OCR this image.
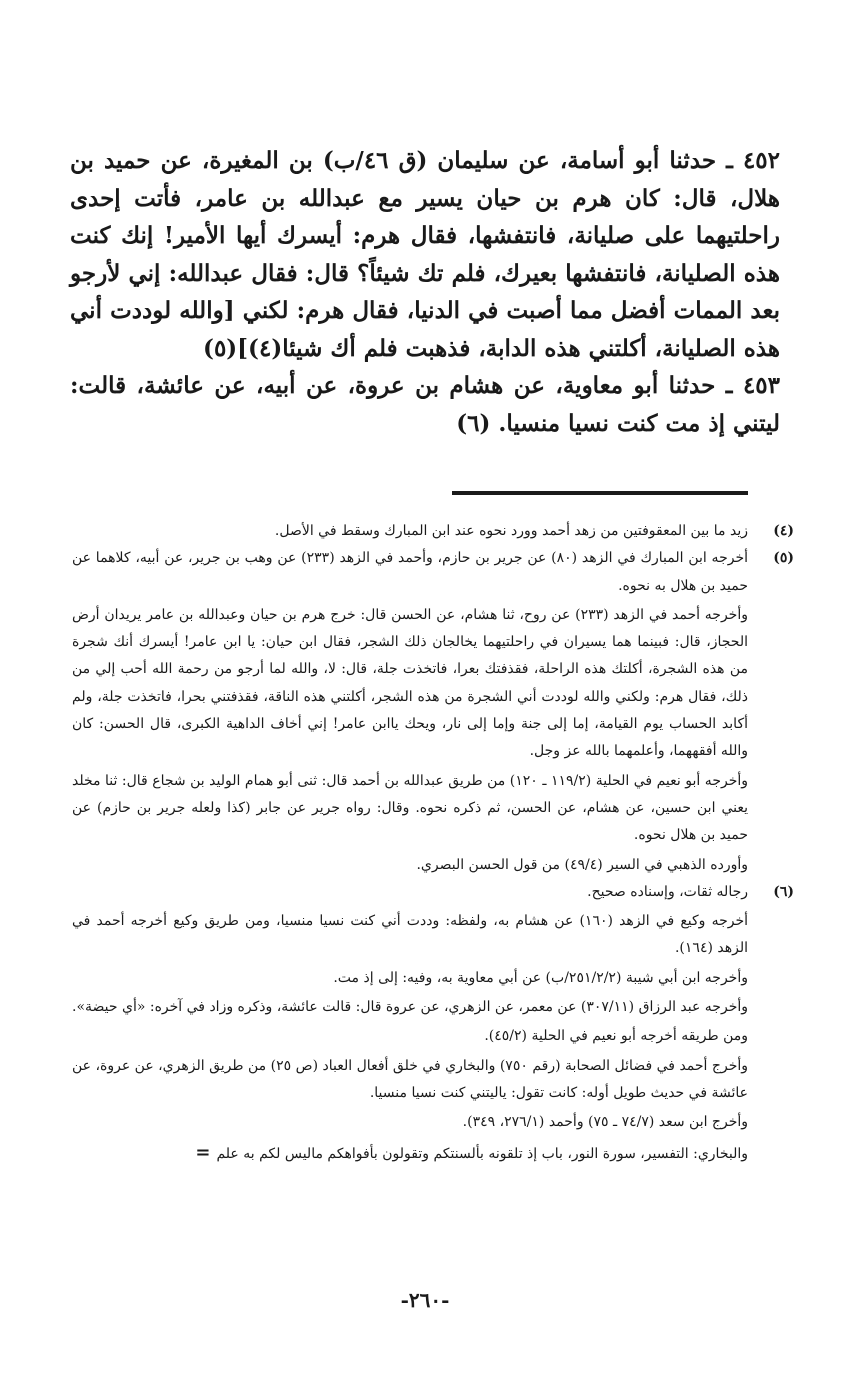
٤٥٢ ـ حدثنا أبو أسامة، عن سليمان (ق ٤٦/ب) بن المغيرة، عن حميد بن هلال، قال: كان هرم بن حيان يسير مع عبدالله بن عامر، فأتت إحدى راحلتيهما على صليانة، فانتفشها، فقال هرم: أيسرك أيها الأمير! إنك كنت هذه الصليانة، فانتفشها بعيرك، فلم تك شيئاً؟ قال: فقال عبدالله: إني لأرجو بعد الممات أفضل مما أصبت في الدنيا، فقال هرم: لكني [والله لوددت أني هذه الصليانة، أكلتني هذه الدابة، فذهبت فلم أك شيئا(٤)](٥)

٤٥٣ ـ حدثنا أبو معاوية، عن هشام بن عروة، عن أبيه، عن عائشة، قالت: ليتني إذ مت كنت نسيا منسيا. (٦)

(٤)

زيد ما بين المعقوفتين من زهد أحمد وورد نحوه عند ابن المبارك وسقط في الأصل.

(٥)

أخرجه ابن المبارك في الزهد (٨٠) عن جرير بن حازم، وأحمد في الزهد (٢٣٣) عن وهب بن جرير، عن أبيه، كلاهما عن حميد بن هلال به نحوه.

وأخرجه أحمد في الزهد (٢٣٣) عن روح، ثنا هشام، عن الحسن قال: خرج هرم بن حيان وعبدالله بن عامر يريدان أرض الحجاز، قال: فبينما هما يسيران في راحلتيهما يخالجان ذلك الشجر، فقال ابن حيان: يا ابن عامر! أيسرك أنك شجرة من هذه الشجرة، أكلتك هذه الراحلة، فقذفتك بعرا، فاتخذت جلة، قال: لا، والله لما أرجو من رحمة الله أحب إلي من ذلك، فقال هرم: ولكني والله لوددت أني الشجرة من هذه الشجر، أكلتني هذه الناقة، فقذفتني بحرا، فاتخذت جلة، ولم أكابد الحساب يوم القيامة، إما إلى جنة وإما إلى نار، ويحك ياابن عامر! إني أخاف الداهية الكبرى، قال الحسن: كان والله أفقههما، وأعلمهما بالله عز وجل.

وأخرجه أبو نعيم في الحلية (١١٩/٢ ـ ١٢٠) من طريق عبدالله بن أحمد قال: ثنى أبو همام الوليد بن شجاع قال: ثنا مخلد يعني ابن حسين، عن هشام، عن الحسن، ثم ذكره نحوه. وقال: رواه جرير عن جابر (كذا ولعله جرير بن حازم) عن حميد بن هلال نحوه.

وأورده الذهبي في السير (٤٩/٤) من قول الحسن البصري.

(٦)

رجاله ثقات، وإسناده صحيح.

أخرجه وكيع في الزهد (١٦٠) عن هشام به، ولفظه: وددت أني كنت نسيا منسيا، ومن طريق وكيع أخرجه أحمد في الزهد (١٦٤).

وأخرجه ابن أبي شيبة (٢٥١/٢/٢/ب) عن أبي معاوية به، وفيه: إلى إذ مت.

وأخرجه عبد الرزاق (٣٠٧/١١) عن معمر، عن الزهري، عن عروة قال: قالت عائشة، وذكره وزاد في آخره: «أي حيضة».

ومن طريقه أخرجه أبو نعيم في الحلية (٤٥/٢).

وأخرج أحمد في فضائل الصحابة (رقم ٧٥٠) والبخاري في خلق أفعال العباد (ص ٢٥) من طريق الزهري، عن عروة، عن عائشة في حديث طويل أوله: كانت تقول: ياليتني كنت نسيا منسيا.

وأخرج ابن سعد (٧٤/٧ ـ ٧٥) وأحمد (٢٧٦/١، ٣٤٩).

والبخاري: التفسير، سورة النور، باب إذ تلقونه بألسنتكم وتقولون بأفواهكم ماليس لكم به علم=

-٢٦٠-
